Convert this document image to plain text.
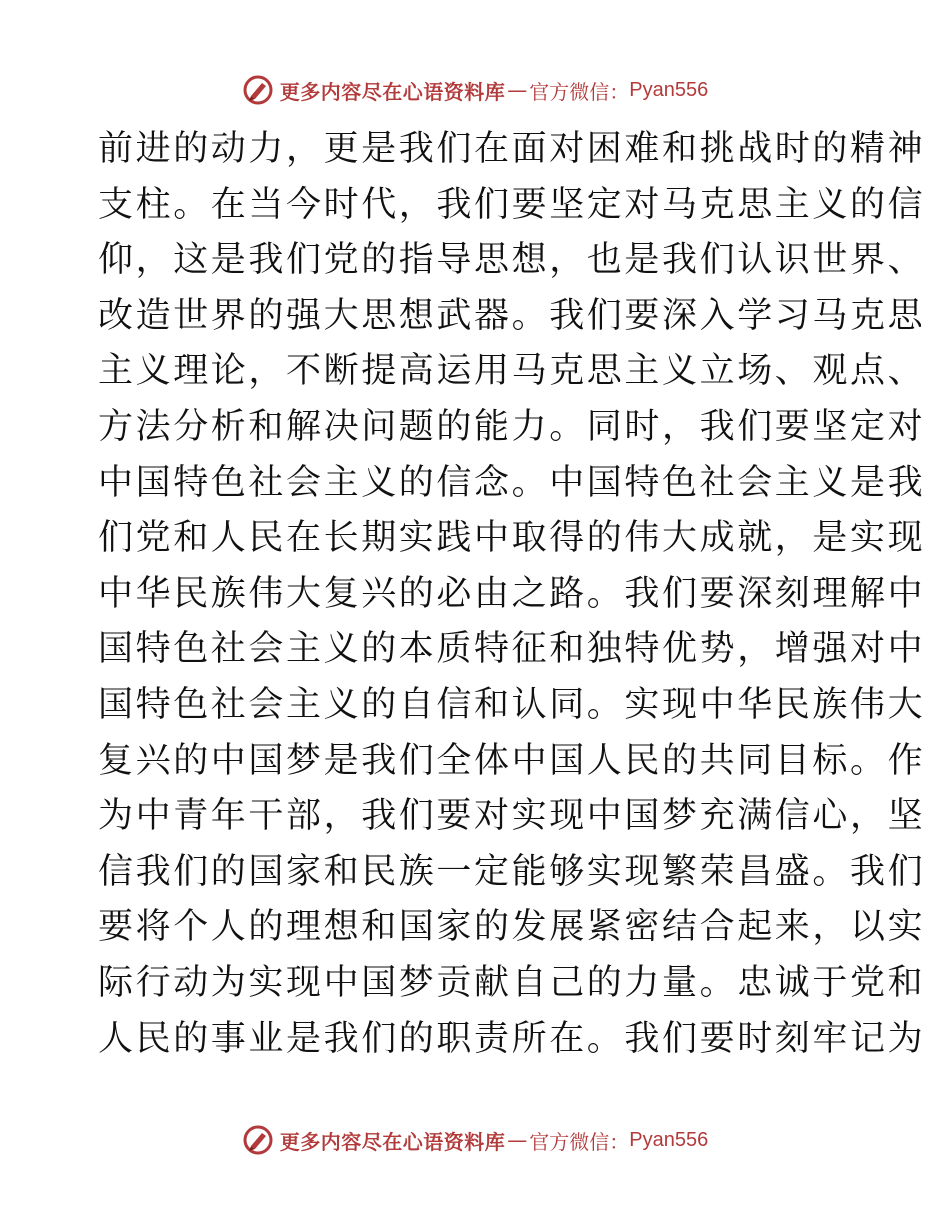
更多内容尽在心语资料库 — 官方微信： Pyan556
前进的动力，更是我们在面对困难和挑战时的精神
支柱。在当今时代，我们要坚定对马克思主义的信
仰，这是我们党的指导思想，也是我们认识世界、
改造世界的强大思想武器。我们要深入学习马克思
主义理论，不断提高运用马克思主义立场、观点、
方法分析和解决问题的能力。同时，我们要坚定对
中国特色社会主义的信念。中国特色社会主义是我
们党和人民在长期实践中取得的伟大成就，是实现
中华民族伟大复兴的必由之路。我们要深刻理解中
国特色社会主义的本质特征和独特优势，增强对中
国特色社会主义的自信和认同。实现中华民族伟大
复兴的中国梦是我们全体中国人民的共同目标。作
为中青年干部，我们要对实现中国梦充满信心，坚
信我们的国家和民族一定能够实现繁荣昌盛。我们
要将个人的理想和国家的发展紧密结合起来，以实
际行动为实现中国梦贡献自己的力量。忠诚于党和
人民的事业是我们的职责所在。我们要时刻牢记为
更多内容尽在心语资料库 — 官方微信： Pyan556
